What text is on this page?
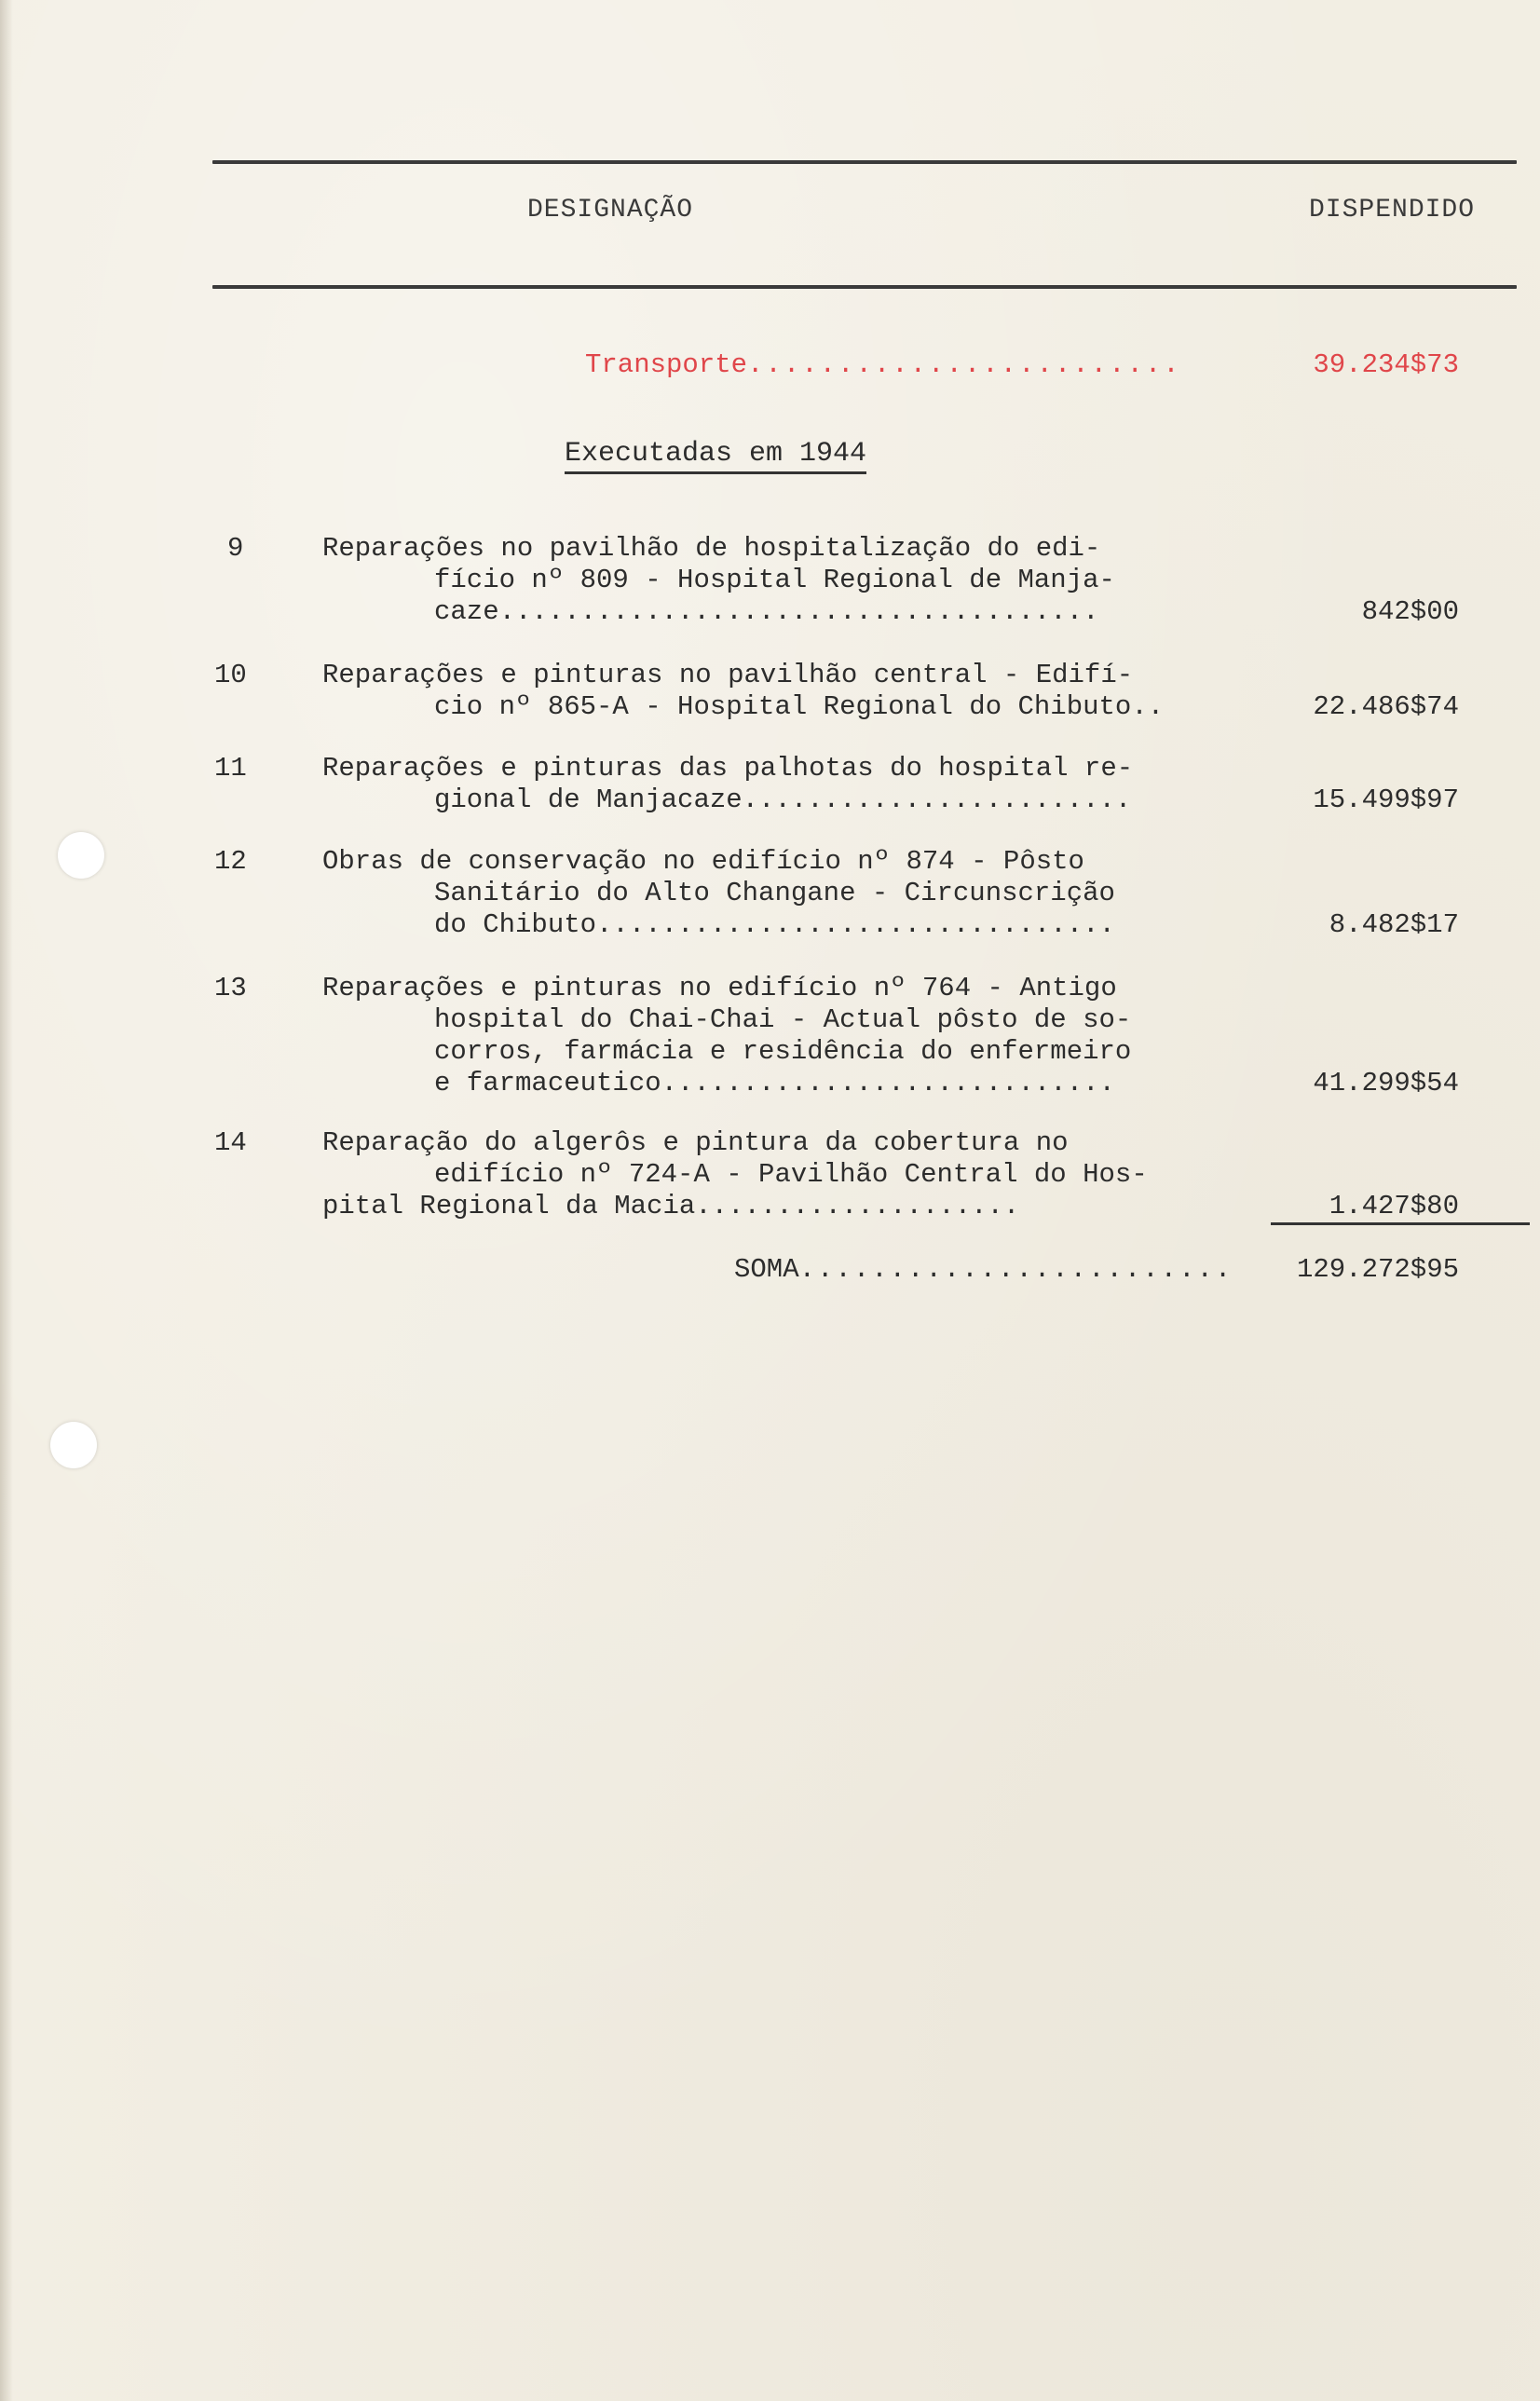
DESIGNAÇÃO	DISPENDIDO
Transporte........................	39.234$73
Executadas em 1944
9	Reparações no pavilhão de hospitalização do edi-
fício nº 809 - Hospital Regional de Manja-
caze.....................................	842$00
10	Reparações e pinturas no pavilhão central - Edifí-
cio nº 865-A - Hospital Regional do Chibuto..	22.486$74
11	Reparações e pinturas das palhotas do hospital re-
gional de Manjacaze........................	15.499$97
12	Obras de conservação no edifício nº 874 - Pôsto
Sanitário do Alto Changane - Circunscrição
do Chibuto................................	8.482$17
13	Reparações e pinturas no edifício nº 764 - Antigo
hospital do Chai-Chai - Actual pôsto de so-
corros, farmácia e residência do enfermeiro
e farmaceutico............................	41.299$54
14	Reparação do algerôs e pintura da cobertura no
edifício nº 724-A - Pavilhão Central do Hos-
pital Regional da Macia....................	1.427$80
SOMA........................	129.272$95
